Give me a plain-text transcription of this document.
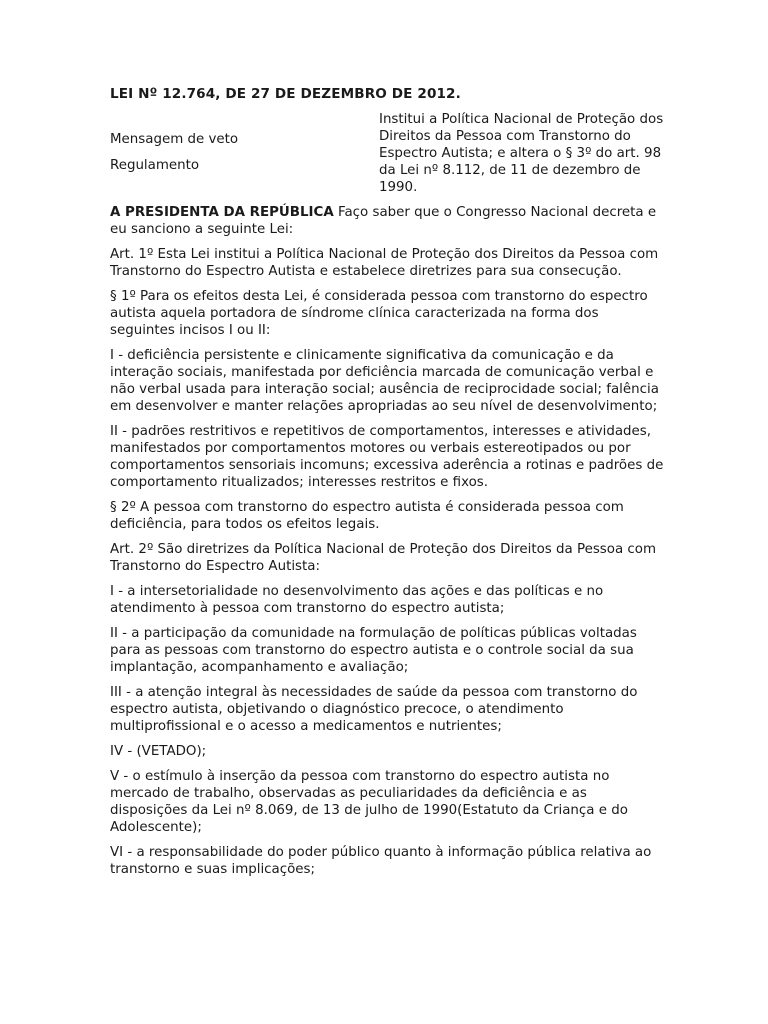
LEI Nº 12.764, DE 27 DE DEZEMBRO DE 2012.
Mensagem de veto
Regulamento

Institui a Política Nacional de Proteção dos Direitos da Pessoa com Transtorno do Espectro Autista; e altera o § 3º do art. 98 da Lei nº 8.112, de 11 de dezembro de 1990.

A PRESIDENTA DA REPÚBLICA Faço saber que o Congresso Nacional decreta e eu sanciono a seguinte Lei:

Art. 1º Esta Lei institui a Política Nacional de Proteção dos Direitos da Pessoa com Transtorno do Espectro Autista e estabelece diretrizes para sua consecução.

§ 1º Para os efeitos desta Lei, é considerada pessoa com transtorno do espectro autista aquela portadora de síndrome clínica caracterizada na forma dos seguintes incisos I ou II:

I - deficiência persistente e clinicamente significativa da comunicação e da interação sociais, manifestada por deficiência marcada de comunicação verbal e não verbal usada para interação social; ausência de reciprocidade social; falência em desenvolver e manter relações apropriadas ao seu nível de desenvolvimento;

II - padrões restritivos e repetitivos de comportamentos, interesses e atividades, manifestados por comportamentos motores ou verbais estereotipados ou por comportamentos sensoriais incomuns; excessiva aderência a rotinas e padrões de comportamento ritualizados; interesses restritos e fixos.

§ 2º A pessoa com transtorno do espectro autista é considerada pessoa com deficiência, para todos os efeitos legais.

Art. 2º São diretrizes da Política Nacional de Proteção dos Direitos da Pessoa com Transtorno do Espectro Autista:

I - a intersetorialidade no desenvolvimento das ações e das políticas e no atendimento à pessoa com transtorno do espectro autista;

II - a participação da comunidade na formulação de políticas públicas voltadas para as pessoas com transtorno do espectro autista e o controle social da sua implantação, acompanhamento e avaliação;

III - a atenção integral às necessidades de saúde da pessoa com transtorno do espectro autista, objetivando o diagnóstico precoce, o atendimento multiprofissional e o acesso a medicamentos e nutrientes;

IV - (VETADO);

V - o estímulo à inserção da pessoa com transtorno do espectro autista no mercado de trabalho, observadas as peculiaridades da deficiência e as disposições da Lei nº 8.069, de 13 de julho de 1990(Estatuto da Criança e do Adolescente);

VI - a responsabilidade do poder público quanto à informação pública relativa ao transtorno e suas implicações;
